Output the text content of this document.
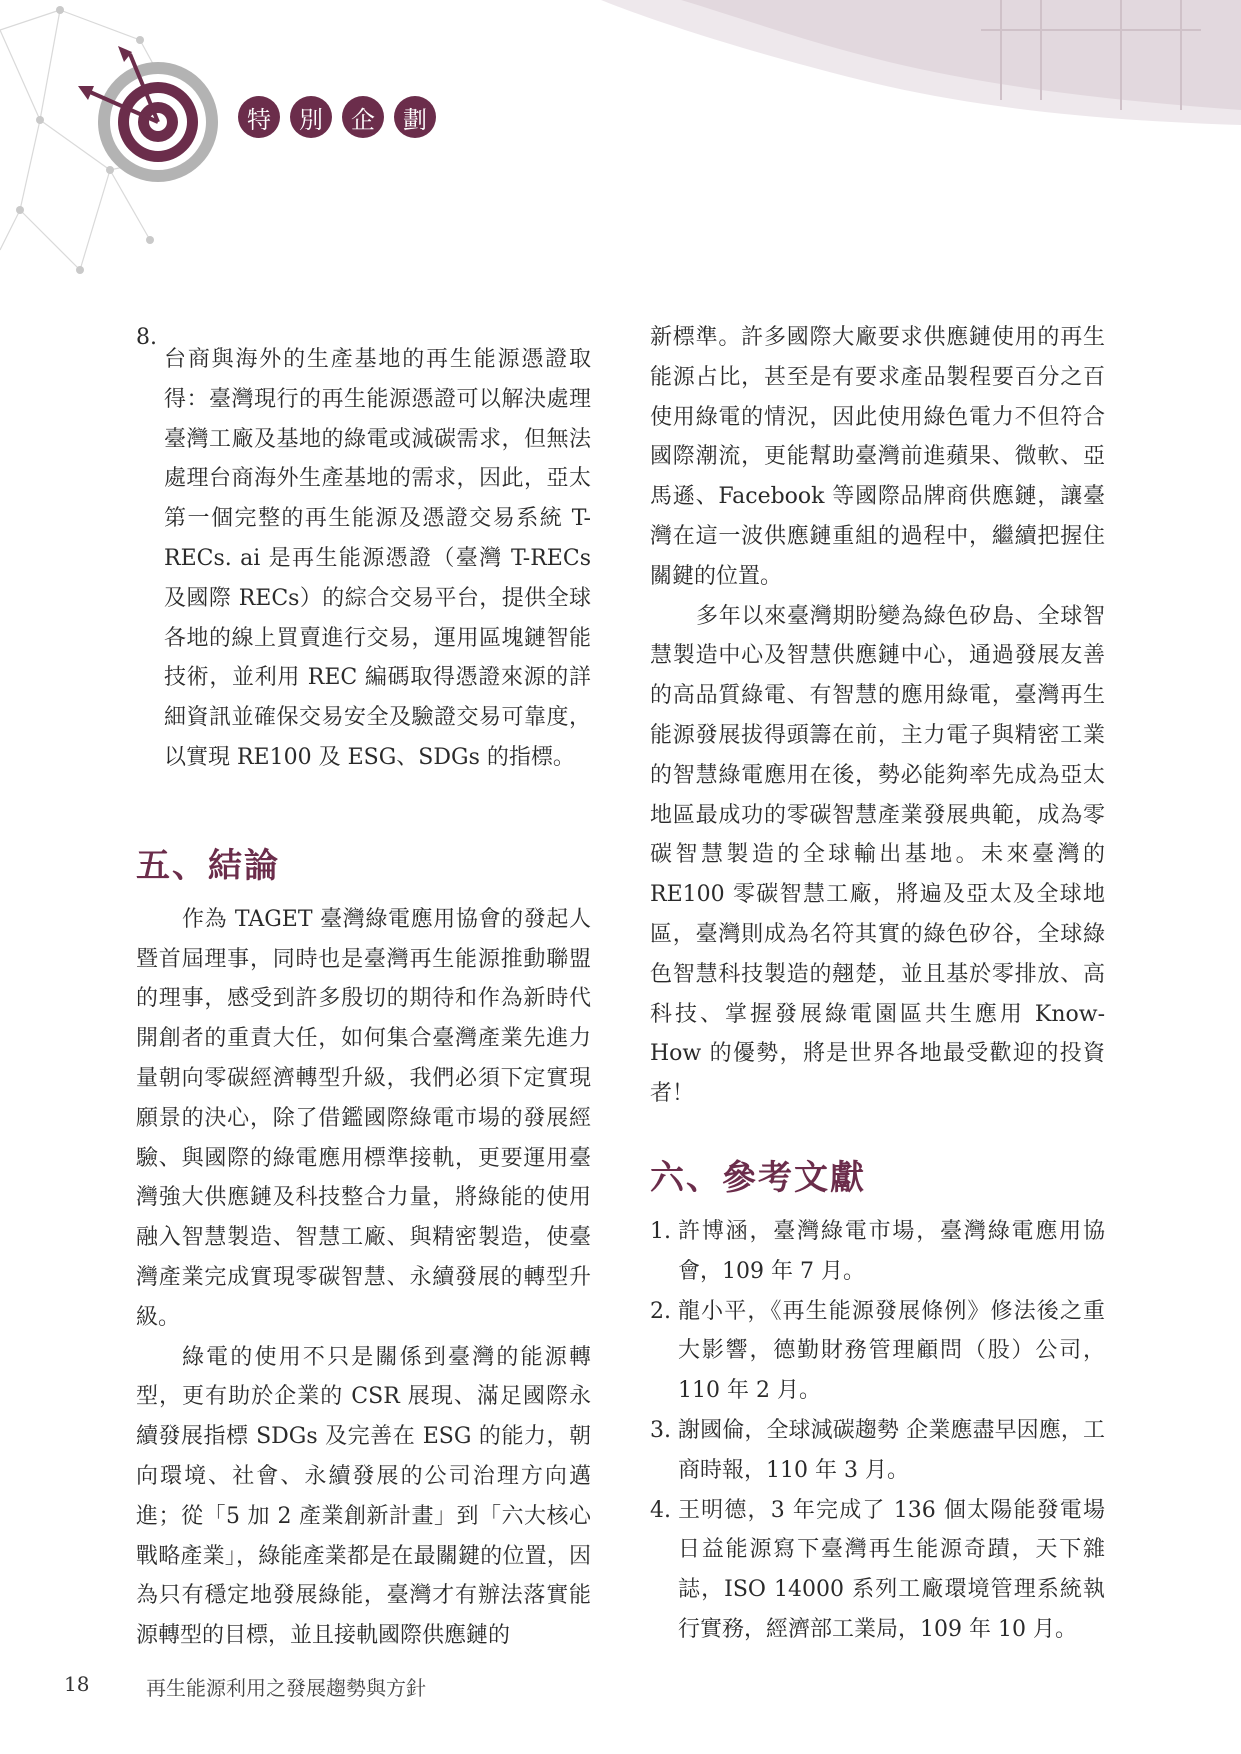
特	別	企	劃
8.

台商與海外的生產基地的再生能源憑證取得：臺灣現行的再生能源憑證可以解決處理臺灣工廠及基地的綠電或減碳需求，但無法處理台商海外生產基地的需求，因此，亞太第一個完整的再生能源及憑證交易系統 T-RECs. ai 是再生能源憑證（臺灣 T-RECs 及國際 RECs）的綜合交易平台，提供全球各地的線上買賣進行交易，運用區塊鏈智能技術，並利用 REC 編碼取得憑證來源的詳細資訊並確保交易安全及驗證交易可靠度，以實現 RE100 及 ESG、SDGs 的指標。

五、結論

作為 TAGET 臺灣綠電應用協會的發起人暨首屆理事，同時也是臺灣再生能源推動聯盟的理事，感受到許多殷切的期待和作為新時代開創者的重責大任，如何集合臺灣產業先進力量朝向零碳經濟轉型升級，我們必須下定實現願景的決心，除了借鑑國際綠電市場的發展經驗、與國際的綠電應用標準接軌，更要運用臺灣強大供應鏈及科技整合力量，將綠能的使用融入智慧製造、智慧工廠、與精密製造，使臺灣產業完成實現零碳智慧、永續發展的轉型升級。

綠電的使用不只是關係到臺灣的能源轉型，更有助於企業的 CSR 展現、滿足國際永續發展指標 SDGs 及完善在 ESG 的能力，朝向環境、社會、永續發展的公司治理方向邁進；從「5 加 2 產業創新計畫」到「六大核心戰略產業」，綠能產業都是在最關鍵的位置，因為只有穩定地發展綠能，臺灣才有辦法落實能源轉型的目標，並且接軌國際供應鏈的

新標準。許多國際大廠要求供應鏈使用的再生能源占比，甚至是有要求產品製程要百分之百使用綠電的情況，因此使用綠色電力不但符合國際潮流，更能幫助臺灣前進蘋果、微軟、亞馬遜、Facebook 等國際品牌商供應鏈，讓臺灣在這一波供應鏈重組的過程中，繼續把握住關鍵的位置。

多年以來臺灣期盼變為綠色矽島、全球智慧製造中心及智慧供應鏈中心，通過發展友善的高品質綠電、有智慧的應用綠電，臺灣再生能源發展拔得頭籌在前，主力電子與精密工業的智慧綠電應用在後，勢必能夠率先成為亞太地區最成功的零碳智慧產業發展典範，成為零碳智慧製造的全球輸出基地。未來臺灣的 RE100 零碳智慧工廠，將遍及亞太及全球地區，臺灣則成為名符其實的綠色矽谷，全球綠色智慧科技製造的翹楚，並且基於零排放、高科技、掌握發展綠電園區共生應用 Know-How 的優勢，將是世界各地最受歡迎的投資者！

六、參考文獻
1. 許博涵，臺灣綠電市場，臺灣綠電應用協會，109 年 7 月。
2. 龍小平，《再生能源發展條例》修法後之重大影響，德勤財務管理顧問（股）公司，110 年 2 月。
3. 謝國倫，全球減碳趨勢 企業應盡早因應，工商時報，110 年 3 月。
4. 王明德，3 年完成了 136 個太陽能發電場 日益能源寫下臺灣再生能源奇蹟，天下雜誌，ISO 14000 系列工廠環境管理系統執行實務，經濟部工業局，109 年 10 月。
18	再生能源利用之發展趨勢與方針
